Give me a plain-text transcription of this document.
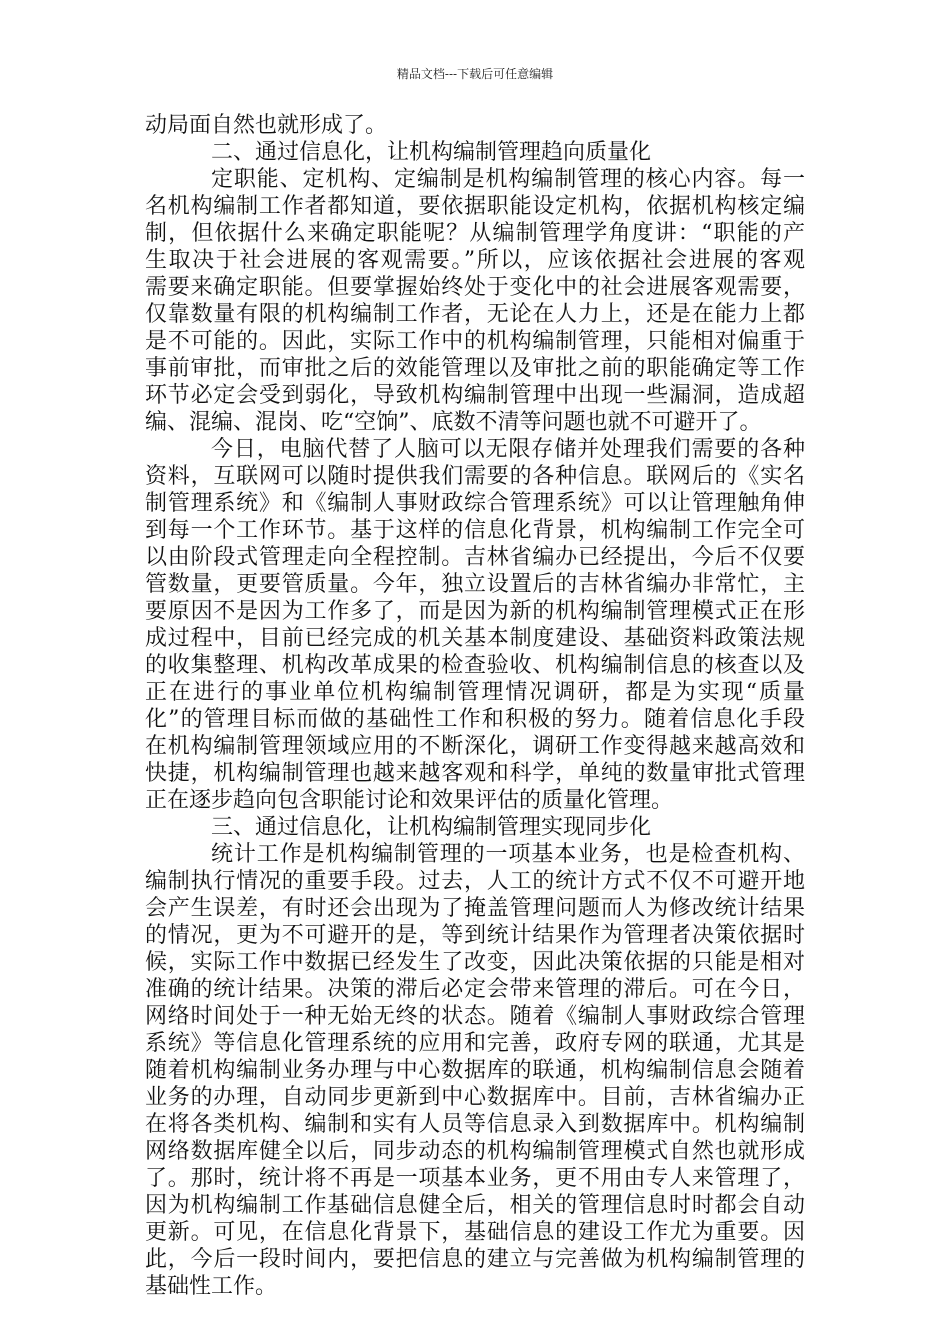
精品文档---下载后可任意编辑
动局面自然也就形成了。
二、通过信息化，让机构编制管理趋向质量化
定职能、定机构、定编制是机构编制管理的核心内容。每一
名机构编制工作者都知道，要依据职能设定机构，依据机构核定编
制，但依据什么来确定职能呢？从编制管理学角度讲：“职能的产
生取决于社会进展的客观需要。”所以，应该依据社会进展的客观
需要来确定职能。但要掌握始终处于变化中的社会进展客观需要，
仅靠数量有限的机构编制工作者，无论在人力上，还是在能力上都
是不可能的。因此，实际工作中的机构编制管理，只能相对偏重于
事前审批，而审批之后的效能管理以及审批之前的职能确定等工作
环节必定会受到弱化，导致机构编制管理中出现一些漏洞，造成超
编、混编、混岗、吃“空饷”、底数不清等问题也就不可避开了。
今日，电脑代替了人脑可以无限存储并处理我们需要的各种
资料，互联网可以随时提供我们需要的各种信息。联网后的《实名
制管理系统》和《编制人事财政综合管理系统》可以让管理触角伸
到每一个工作环节。基于这样的信息化背景，机构编制工作完全可
以由阶段式管理走向全程控制。吉林省编办已经提出，今后不仅要
管数量，更要管质量。今年，独立设置后的吉林省编办非常忙，主
要原因不是因为工作多了，而是因为新的机构编制管理模式正在形
成过程中，目前已经完成的机关基本制度建设、基础资料政策法规
的收集整理、机构改革成果的检查验收、机构编制信息的核查以及
正在进行的事业单位机构编制管理情况调研，都是为实现“质量
化”的管理目标而做的基础性工作和积极的努力。随着信息化手段
在机构编制管理领域应用的不断深化，调研工作变得越来越高效和
快捷，机构编制管理也越来越客观和科学，单纯的数量审批式管理
正在逐步趋向包含职能讨论和效果评估的质量化管理。
三、通过信息化，让机构编制管理实现同步化
统计工作是机构编制管理的一项基本业务，也是检查机构、
编制执行情况的重要手段。过去，人工的统计方式不仅不可避开地
会产生误差，有时还会出现为了掩盖管理问题而人为修改统计结果
的情况，更为不可避开的是，等到统计结果作为管理者决策依据时
候，实际工作中数据已经发生了改变，因此决策依据的只能是相对
准确的统计结果。决策的滞后必定会带来管理的滞后。可在今日，
网络时间处于一种无始无终的状态。随着《编制人事财政综合管理
系统》等信息化管理系统的应用和完善，政府专网的联通，尤其是
随着机构编制业务办理与中心数据库的联通，机构编制信息会随着
业务的办理，自动同步更新到中心数据库中。目前，吉林省编办正
在将各类机构、编制和实有人员等信息录入到数据库中。机构编制
网络数据库健全以后，同步动态的机构编制管理模式自然也就形成
了。那时，统计将不再是一项基本业务，更不用由专人来管理了，
因为机构编制工作基础信息健全后，相关的管理信息时时都会自动
更新。可见，在信息化背景下，基础信息的建设工作尤为重要。因
此，今后一段时间内，要把信息的建立与完善做为机构编制管理的
基础性工作。
